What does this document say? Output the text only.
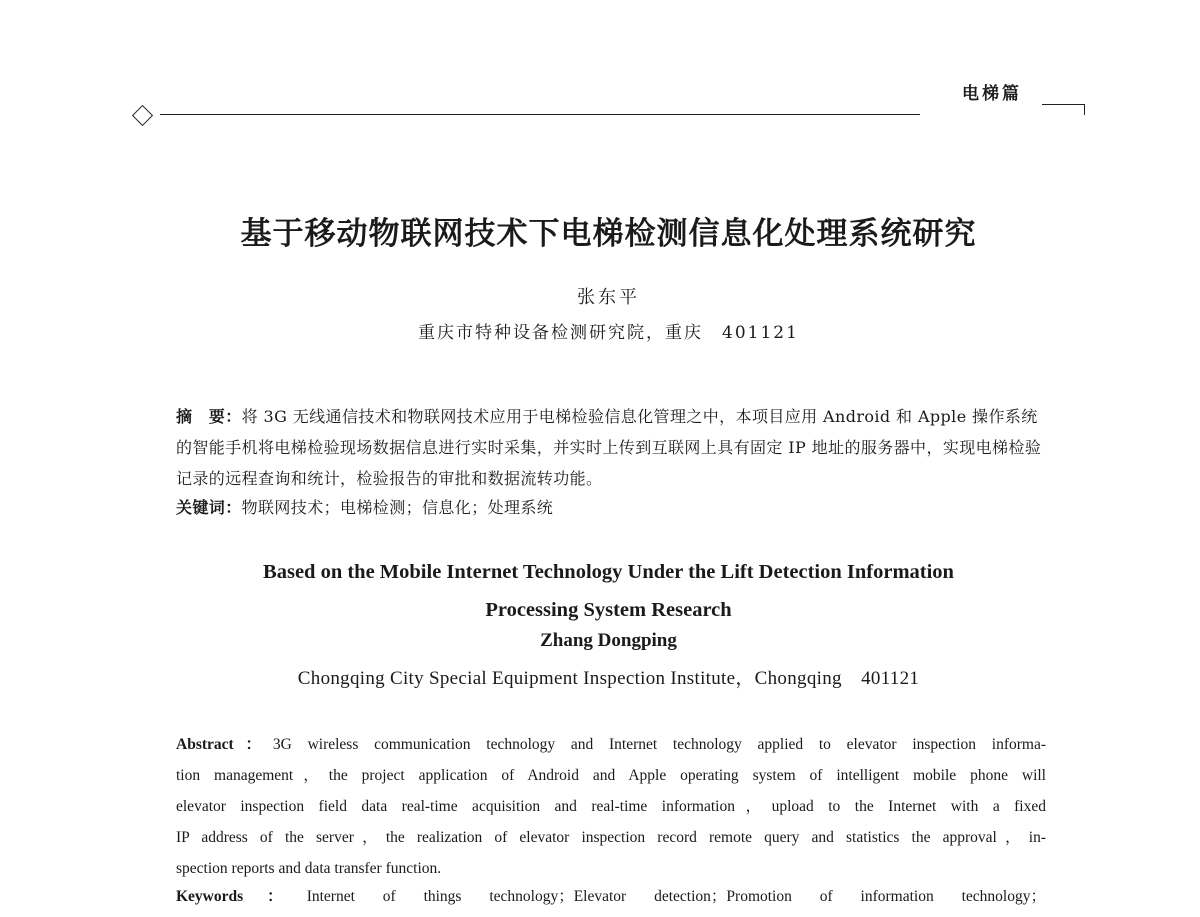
电梯篇
基于移动物联网技术下电梯检测信息化处理系统研究
张东平
重庆市特种设备检测研究院，重庆　401121
摘　要：将 3G 无线通信技术和物联网技术应用于电梯检验信息化管理之中，本项目应用 Android 和 Apple 操作系统的智能手机将电梯检验现场数据信息进行实时采集，并实时上传到互联网上具有固定 IP 地址的服务器中，实现电梯检验记录的远程查询和统计，检验报告的审批和数据流转功能。
关键词：物联网技术；电梯检测；信息化；处理系统
Based on the Mobile Internet Technology Under the Lift Detection Information
Processing System Research
Zhang Dongping
Chongqing City Special Equipment Inspection Institute，Chongqing　401121
Abstract：3G wireless communication technology and Internet technology applied to elevator inspection informa-
tion management，the project application of Android and Apple operating system of intelligent mobile phone will
elevator inspection field data real-time acquisition and real-time information，upload to the Internet with a fixed
IP address of the server，the realization of elevator inspection record remote query and statistics the approval，in-
spection reports and data transfer function.
Keywords：Internet of things technology；Elevator detection；Promotion of information technology；
